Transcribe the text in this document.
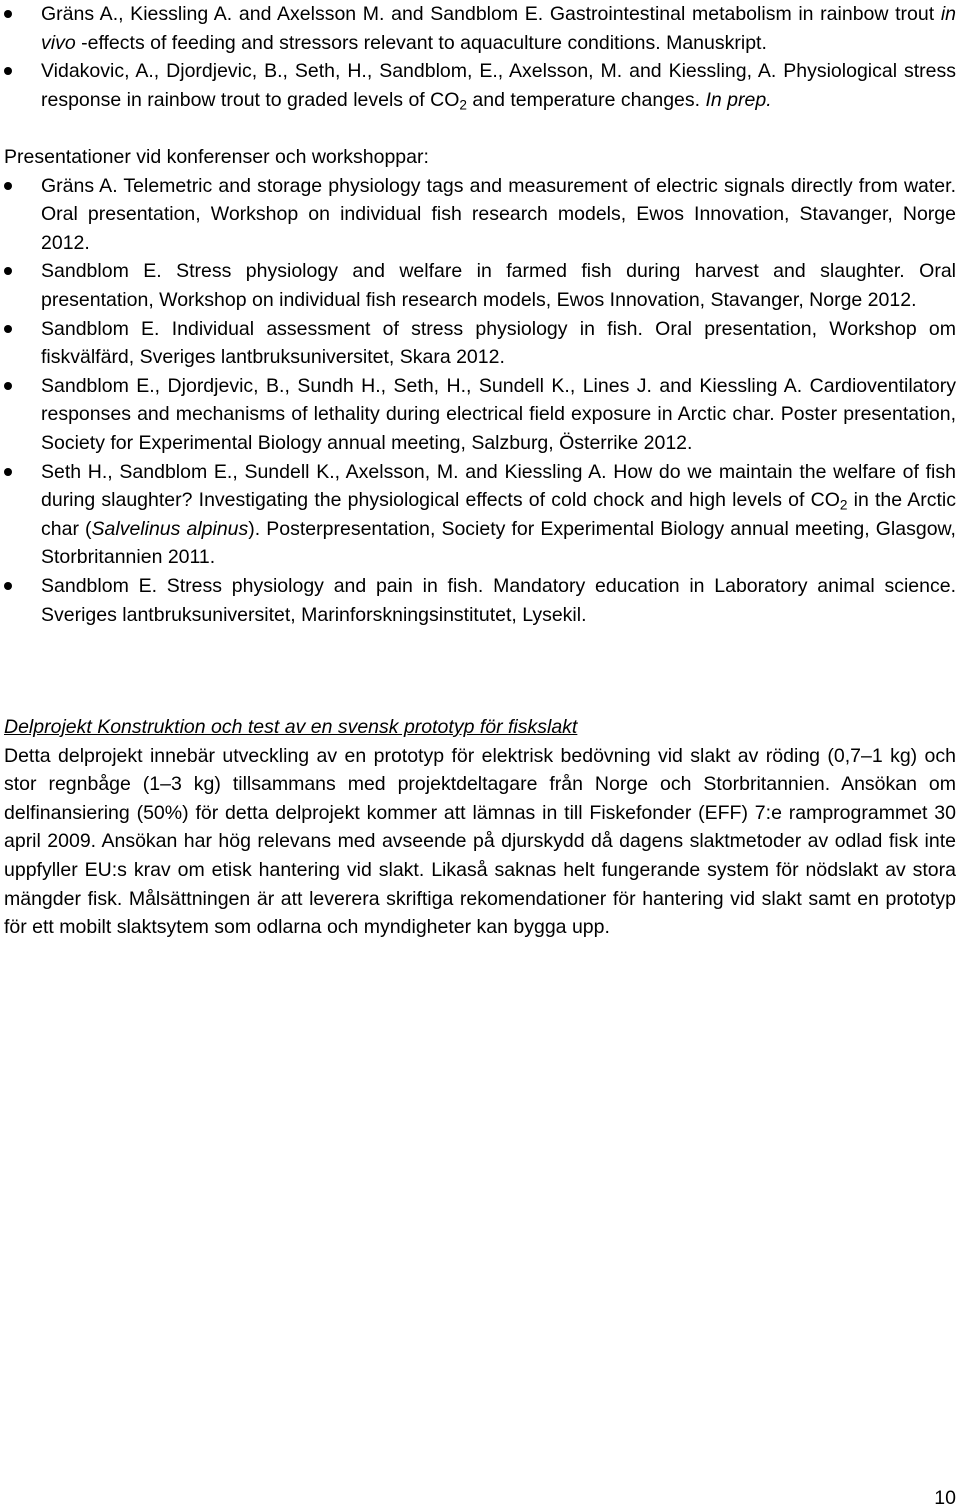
Gräns A., Kiessling A. and Axelsson M. and Sandblom E. Gastrointestinal metabolism in rainbow trout in vivo -effects of feeding and stressors relevant to aquaculture conditions. Manuskript.
Vidakovic, A., Djordjevic, B., Seth, H., Sandblom, E., Axelsson, M. and Kiessling, A. Physiological stress response in rainbow trout to graded levels of $CO_2$ and temperature changes. In prep.

Presentationer vid konferenser och workshoppar:

Gräns A. Telemetric and storage physiology tags and measurement of electric signals directly from water. Oral presentation, Workshop on individual fish research models, Ewos Innovation, Stavanger, Norge 2012.
Sandblom E. Stress physiology and welfare in farmed fish during harvest and slaughter. Oral presentation, Workshop on individual fish research models, Ewos Innovation, Stavanger, Norge 2012.
Sandblom E. Individual assessment of stress physiology in fish. Oral presentation, Workshop om fiskvälfärd, Sveriges lantbruksuniversitet, Skara 2012.
Sandblom E., Djordjevic, B., Sundh H., Seth, H., Sundell K., Lines J. and Kiessling A. Cardioventilatory responses and mechanisms of lethality during electrical field exposure in Arctic char. Poster presentation, Society for Experimental Biology annual meeting, Salzburg, Österrike 2012.
Seth H., Sandblom E., Sundell K., Axelsson, M. and Kiessling A. How do we maintain the welfare of fish during slaughter? Investigating the physiological effects of cold chock and high levels of $CO_2$ in the Arctic char (Salvelinus alpinus). Posterpresentation, Society for Experimental Biology annual meeting, Glasgow, Storbritannien 2011.
Sandblom E. Stress physiology and pain in fish. Mandatory education in Laboratory animal science. Sveriges lantbruksuniversitet, Marinforskningsinstitutet, Lysekil.
Delprojekt Konstruktion och test av en svensk prototyp för fiskslakt
Detta delprojekt innebär utveckling av en prototyp för elektrisk bedövning vid slakt av röding (0,7–1 kg) och stor regnbåge (1–3 kg) tillsammans med projektdeltagare från Norge och Storbritannien. Ansökan om delfinansiering (50%) för detta delprojekt kommer att lämnas in till Fiskefonder (EFF) 7:e ramprogrammet 30 april 2009. Ansökan har hög relevans med avseende på djurskydd då dagens slaktmetoder av odlad fisk inte uppfyller EU:s krav om etisk hantering vid slakt. Likaså saknas helt fungerande system för nödslakt av stora mängder fisk. Målsättningen är att leverera skriftiga rekomendationer för hantering vid slakt samt en prototyp för ett mobilt slaktsytem som odlarna och myndigheter kan bygga upp.
10
